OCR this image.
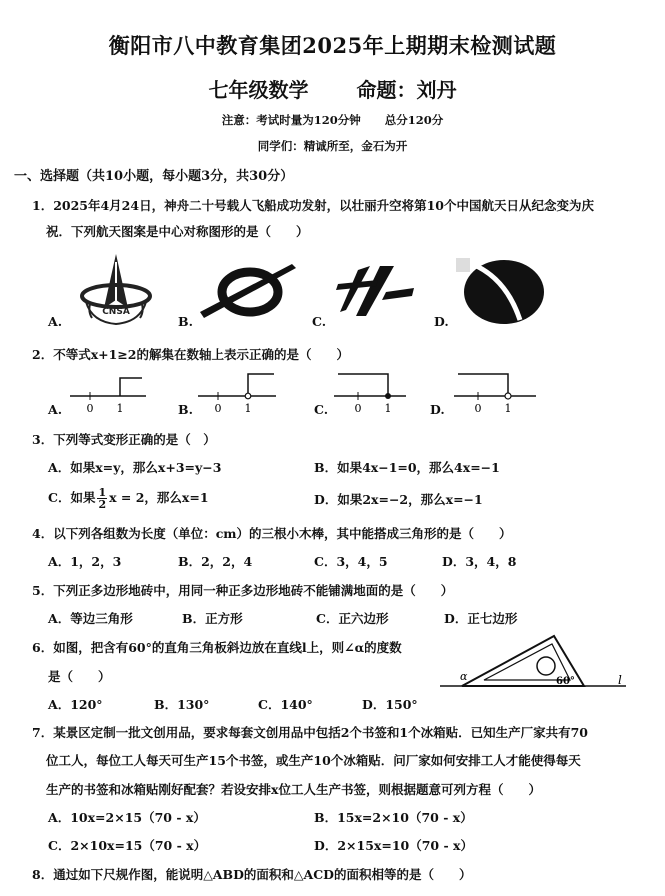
衡阳市八中教育集团2025年上期期末检测试题
七年级数学 命题：刘丹
注意：考试时量为120分钟 总分120分
同学们：精诚所至，金石为开
一、选择题（共10小题，每小题3分，共30分）
1．2025年4月24日，神舟二十号载人飞船成功发射，以壮丽升空将第10个中国航天日从纪念变为庆
祝．下列航天图案是中心对称图形的是（　　）
CNSA
A.	B.	C.	D.
2．不等式x+1≥2的解集在数轴上表示正确的是（　　）
0 1
A.	0 1
B.	0 1
C.	0 1
D.
3．下列等式变形正确的是（　）
A．如果x=y，那么x+3=y−3	B．如果4x−1=0，那么4x=−1
C．如果 $\frac{1}{2}$ x = 2，那么x=1	D．如果2x=−2，那么x=−1
4．以下列各组数为长度（单位：cm）的三根小木棒，其中能搭成三角形的是（　　）
A．1，2，3	B．2，2，4	C．3，4，5	D．3，4，8
5．下列正多边形地砖中，用同一种正多边形地砖不能铺满地面的是（　　）
A．等边三角形	B．正方形	C．正六边形	D．正七边形
6．如图，把含有60°的直角三角板斜边放在直线l上，则∠α的度数
是（　　）
A．120°	B．130°	C．140°	D．150°
α	60°	l
7．某景区定制一批文创用品，要求每套文创用品中包括2个书签和1个冰箱贴．已知生产厂家共有70
位工人，每位工人每天可生产15个书签，或生产10个冰箱贴．问厂家如何安排工人才能使得每天
生产的书签和冰箱贴刚好配套？若设安排x位工人生产书签，则根据题意可列方程（　　）
A．10x=2×15（70 - x）	B．15x=2×10（70 - x）
C．2×10x=15（70 - x）	D．2×15x=10（70 - x）
8．通过如下尺规作图，能说明△ABD的面积和△ACD的面积相等的是（　　）
